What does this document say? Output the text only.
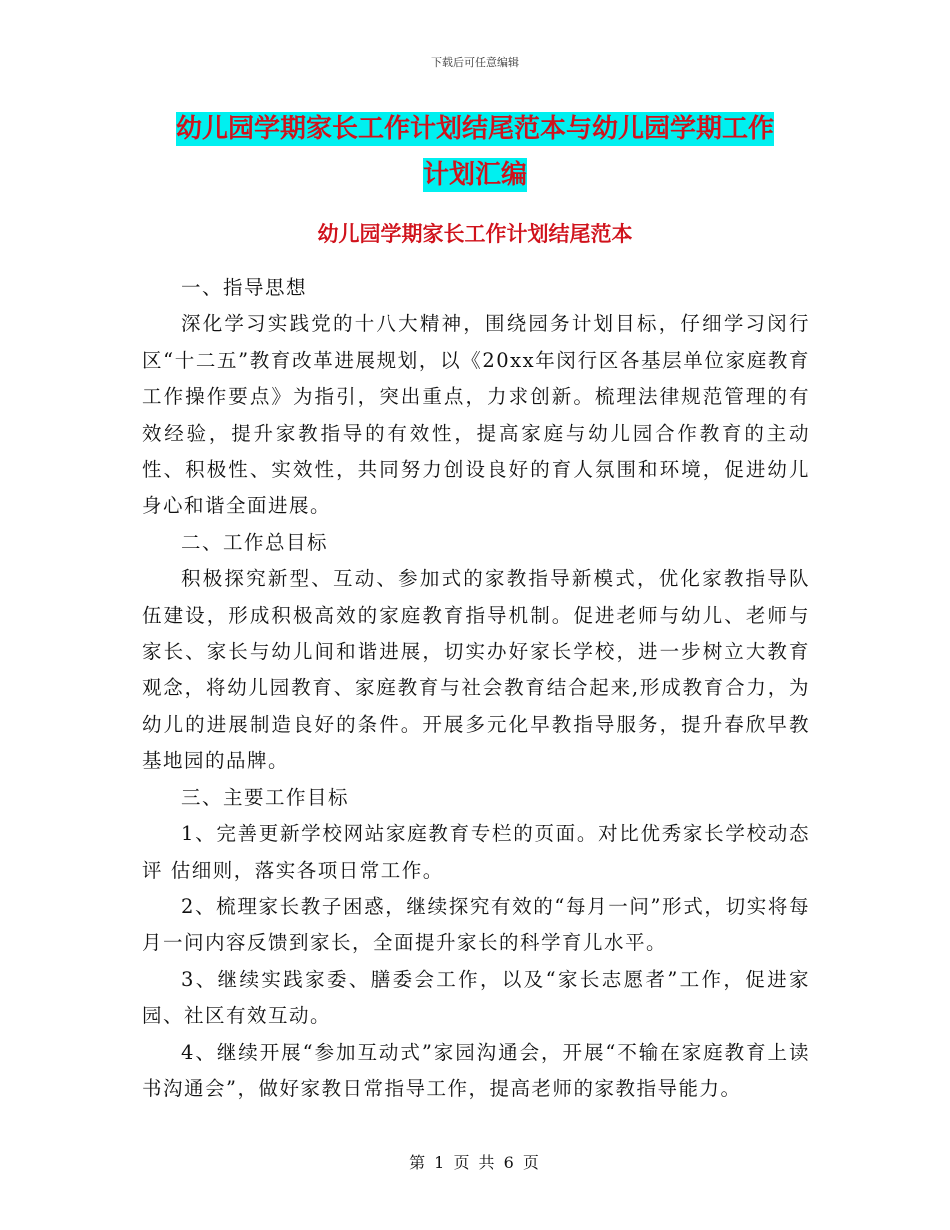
下载后可任意编辑
幼儿园学期家长工作计划结尾范本与幼儿园学期工作
计划汇编
幼儿园学期家长工作计划结尾范本

一、指导思想

深化学习实践党的十八大精神，围绕园务计划目标，仔细学习闵行区“十二五”教育改革进展规划，以《20xx年闵行区各基层单位家庭教育工作操作要点》为指引，突出重点，力求创新。梳理法律规范管理的有效经验，提升家教指导的有效性，提高家庭与幼儿园合作教育的主动性、积极性、实效性，共同努力创设良好的育人氛围和环境，促进幼儿身心和谐全面进展。

二、工作总目标

积极探究新型、互动、参加式的家教指导新模式，优化家教指导队伍建设，形成积极高效的家庭教育指导机制。促进老师与幼儿、老师与家长、家长与幼儿间和谐进展，切实办好家长学校，进一步树立大教育观念，将幼儿园教育、家庭教育与社会教育结合起来,形成教育合力，为幼儿的进展制造良好的条件。开展多元化早教指导服务，提升春欣早教基地园的品牌。

三、主要工作目标

1、完善更新学校网站家庭教育专栏的页面。对比优秀家长学校动态评 估细则，落实各项日常工作。

2、梳理家长教子困惑，继续探究有效的“每月一问”形式，切实将每月一问内容反馈到家长，全面提升家长的科学育儿水平。

3、继续实践家委、膳委会工作，以及“家长志愿者”工作，促进家园、社区有效互动。

4、继续开展“参加互动式”家园沟通会，开展“不输在家庭教育上读书沟通会”，做好家教日常指导工作，提高老师的家教指导能力。

第 1 页 共 6 页
